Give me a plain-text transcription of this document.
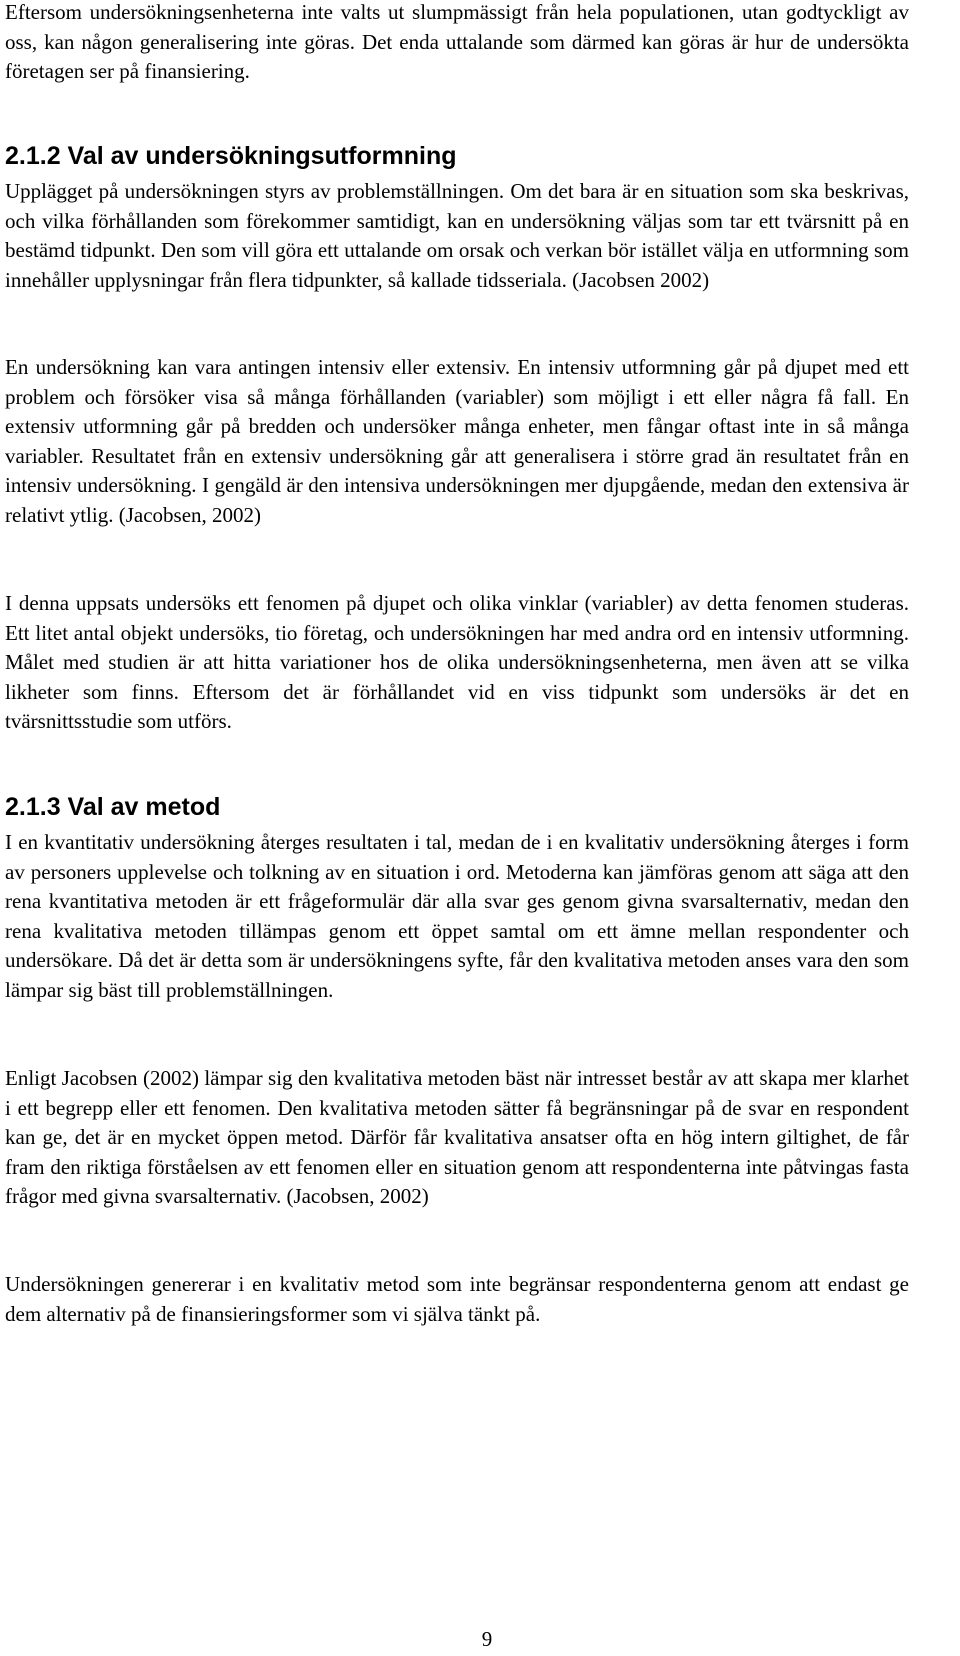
Eftersom undersökningsenheterna inte valts ut slumpmässigt från hela populationen, utan godtyckligt av oss, kan någon generalisering inte göras. Det enda uttalande som därmed kan göras är hur de undersökta företagen ser på finansiering.

2.1.2 Val av undersökningsutformning

Upplägget på undersökningen styrs av problemställningen. Om det bara är en situation som ska beskrivas, och vilka förhållanden som förekommer samtidigt, kan en undersökning väljas som tar ett tvärsnitt på en bestämd tidpunkt. Den som vill göra ett uttalande om orsak och verkan bör istället välja en utformning som innehåller upplysningar från flera tidpunkter, så kallade tidsseriala. (Jacobsen 2002)

En undersökning kan vara antingen intensiv eller extensiv. En intensiv utformning går på djupet med ett problem och försöker visa så många förhållanden (variabler) som möjligt i ett eller några få fall. En extensiv utformning går på bredden och undersöker många enheter, men fångar oftast inte in så många variabler. Resultatet från en extensiv undersökning går att generalisera i större grad än resultatet från en intensiv undersökning. I gengäld är den intensiva undersökningen mer djupgående, medan den extensiva är relativt ytlig. (Jacobsen, 2002)

I denna uppsats undersöks ett fenomen på djupet och olika vinklar (variabler) av detta fenomen studeras. Ett litet antal objekt undersöks, tio företag, och undersökningen har med andra ord en intensiv utformning. Målet med studien är att hitta variationer hos de olika undersökningsenheterna, men även att se vilka likheter som finns. Eftersom det är förhållandet vid en viss tidpunkt som undersöks är det en tvärsnittsstudie som utförs.

2.1.3 Val av metod

I en kvantitativ undersökning återges resultaten i tal, medan de i en kvalitativ undersökning återges i form av personers upplevelse och tolkning av en situation i ord. Metoderna kan jämföras genom att säga att den rena kvantitativa metoden är ett frågeformulär där alla svar ges genom givna svarsalternativ, medan den rena kvalitativa metoden tillämpas genom ett öppet samtal om ett ämne mellan respondenter och undersökare. Då det är detta som är undersökningens syfte, får den kvalitativa metoden anses vara den som lämpar sig bäst till problemställningen.

Enligt Jacobsen (2002) lämpar sig den kvalitativa metoden bäst när intresset består av att skapa mer klarhet i ett begrepp eller ett fenomen. Den kvalitativa metoden sätter få begränsningar på de svar en respondent kan ge, det är en mycket öppen metod. Därför får kvalitativa ansatser ofta en hög intern giltighet, de får fram den riktiga förståelsen av ett fenomen eller en situation genom att respondenterna inte påtvingas fasta frågor med givna svarsalternativ. (Jacobsen, 2002)

Undersökningen genererar i en kvalitativ metod som inte begränsar respondenterna genom att endast ge dem alternativ på de finansieringsformer som vi själva tänkt på.

9
